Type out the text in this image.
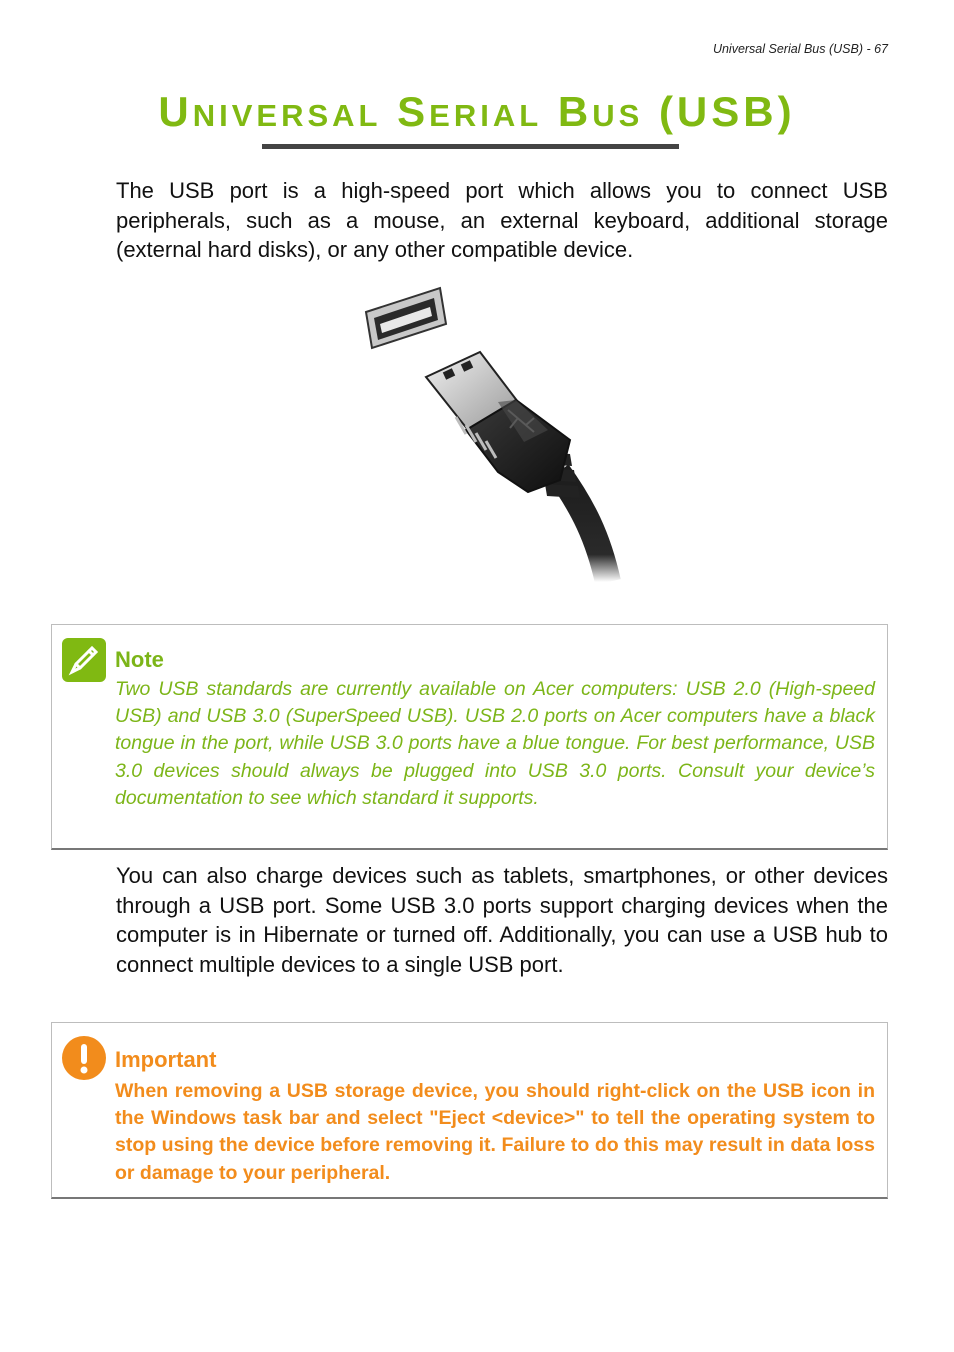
Universal Serial Bus (USB) - 67
UNIVERSAL SERIAL BUS (USB)

The USB port is a high-speed port which allows you to connect USB peripherals, such as a mouse, an external keyboard, additional storage (external hard disks), or any other compatible device.

Note

Two USB standards are currently available on Acer computers: USB 2.0 (High-speed USB) and USB 3.0 (SuperSpeed USB). USB 2.0 ports on Acer computers have a black tongue in the port, while USB 3.0 ports have a blue tongue. For best performance, USB 3.0 devices should always be plugged into USB 3.0 ports. Consult your device’s documentation to see which standard it supports.

You can also charge devices such as tablets, smartphones, or other devices through a USB port. Some USB 3.0 ports support charging devices when the computer is in Hibernate or turned off. Additionally, you can use a USB hub to connect multiple devices to a single USB port.

Important

When removing a USB storage device, you should right-click on the USB icon in the Windows task bar and select "Eject <device>" to tell the operating system to stop using the device before removing it. Failure to do this may result in data loss or damage to your peripheral.
